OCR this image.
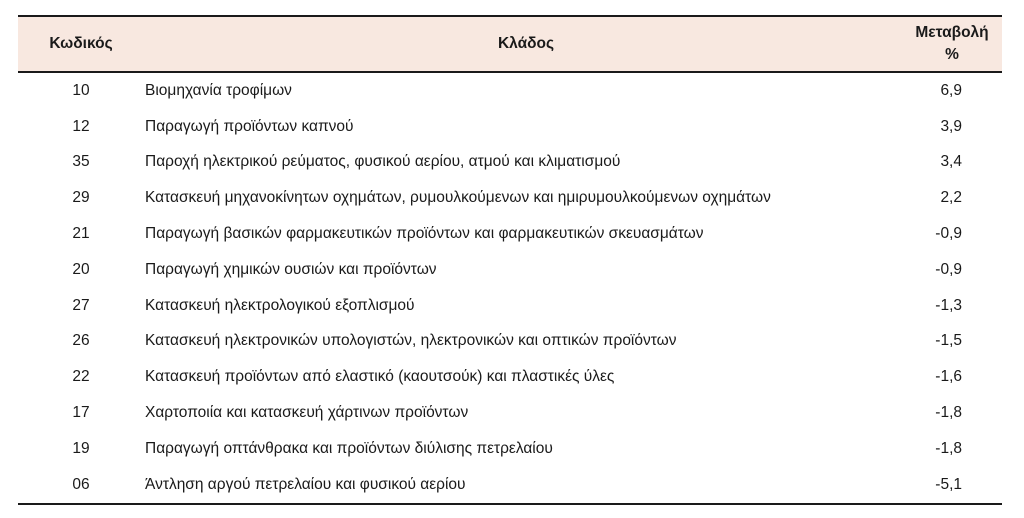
Κωδικός	Κλάδος	Μεταβολή
%
10	Βιομηχανία τροφίμων	6,9
12	Παραγωγή προϊόντων καπνού	3,9
35	Παροχή ηλεκτρικού ρεύματος, φυσικού αερίου, ατμού και κλιματισμού	3,4
29	Κατασκευή μηχανοκίνητων οχημάτων, ρυμουλκούμενων και ημιρυμουλκούμενων οχημάτων	2,2
21	Παραγωγή βασικών φαρμακευτικών προϊόντων και φαρμακευτικών σκευασμάτων	-0,9
20	Παραγωγή χημικών ουσιών και προϊόντων	-0,9
27	Κατασκευή ηλεκτρολογικού εξοπλισμού	-1,3
26	Κατασκευή ηλεκτρονικών υπολογιστών, ηλεκτρονικών και οπτικών προϊόντων	-1,5
22	Κατασκευή προϊόντων από ελαστικό (καουτσούκ) και πλαστικές ύλες	-1,6
17	Χαρτοποιία και κατασκευή χάρτινων προϊόντων	-1,8
19	Παραγωγή οπτάνθρακα και προϊόντων διύλισης πετρελαίου	-1,8
06	Άντληση αργού πετρελαίου και φυσικού αερίου	-5,1
